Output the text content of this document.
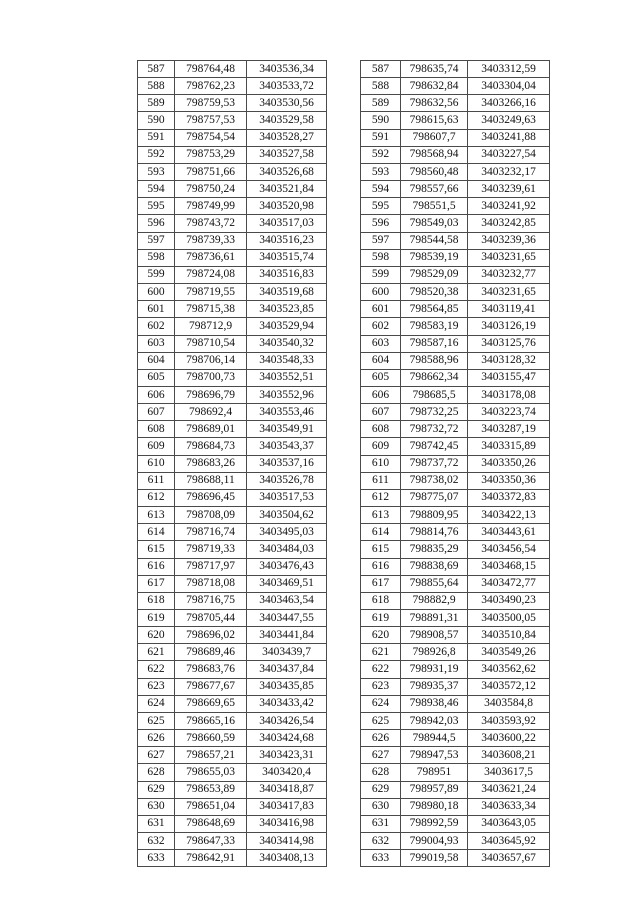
587	798764,48	3403536,34
588	798762,23	3403533,72
589	798759,53	3403530,56
590	798757,53	3403529,58
591	798754,54	3403528,27
592	798753,29	3403527,58
593	798751,66	3403526,68
594	798750,24	3403521,84
595	798749,99	3403520,98
596	798743,72	3403517,03
597	798739,33	3403516,23
598	798736,61	3403515,74
599	798724,08	3403516,83
600	798719,55	3403519,68
601	798715,38	3403523,85
602	798712,9	3403529,94
603	798710,54	3403540,32
604	798706,14	3403548,33
605	798700,73	3403552,51
606	798696,79	3403552,96
607	798692,4	3403553,46
608	798689,01	3403549,91
609	798684,73	3403543,37
610	798683,26	3403537,16
611	798688,11	3403526,78
612	798696,45	3403517,53
613	798708,09	3403504,62
614	798716,74	3403495,03
615	798719,33	3403484,03
616	798717,97	3403476,43
617	798718,08	3403469,51
618	798716,75	3403463,54
619	798705,44	3403447,55
620	798696,02	3403441,84
621	798689,46	3403439,7
622	798683,76	3403437,84
623	798677,67	3403435,85
624	798669,65	3403433,42
625	798665,16	3403426,54
626	798660,59	3403424,68
627	798657,21	3403423,31
628	798655,03	3403420,4
629	798653,89	3403418,87
630	798651,04	3403417,83
631	798648,69	3403416,98
632	798647,33	3403414,98
633	798642,91	3403408,13
587	798635,74	3403312,59
588	798632,84	3403304,04
589	798632,56	3403266,16
590	798615,63	3403249,63
591	798607,7	3403241,88
592	798568,94	3403227,54
593	798560,48	3403232,17
594	798557,66	3403239,61
595	798551,5	3403241,92
596	798549,03	3403242,85
597	798544,58	3403239,36
598	798539,19	3403231,65
599	798529,09	3403232,77
600	798520,38	3403231,65
601	798564,85	3403119,41
602	798583,19	3403126,19
603	798587,16	3403125,76
604	798588,96	3403128,32
605	798662,34	3403155,47
606	798685,5	3403178,08
607	798732,25	3403223,74
608	798732,72	3403287,19
609	798742,45	3403315,89
610	798737,72	3403350,26
611	798738,02	3403350,36
612	798775,07	3403372,83
613	798809,95	3403422,13
614	798814,76	3403443,61
615	798835,29	3403456,54
616	798838,69	3403468,15
617	798855,64	3403472,77
618	798882,9	3403490,23
619	798891,31	3403500,05
620	798908,57	3403510,84
621	798926,8	3403549,26
622	798931,19	3403562,62
623	798935,37	3403572,12
624	798938,46	3403584,8
625	798942,03	3403593,92
626	798944,5	3403600,22
627	798947,53	3403608,21
628	798951	3403617,5
629	798957,89	3403621,24
630	798980,18	3403633,34
631	798992,59	3403643,05
632	799004,93	3403645,92
633	799019,58	3403657,67
